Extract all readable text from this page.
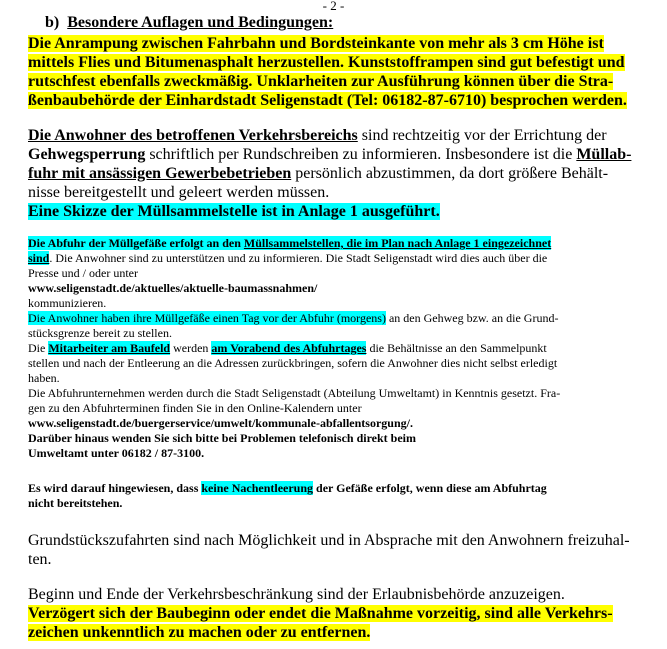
- 2 -
b) Besondere Auflagen und Bedingungen:
Die Anrampung zwischen Fahrbahn und Bordsteinkante von mehr als 3 cm Höhe ist
mittels Flies und Bitumenasphalt herzustellen. Kunststofframpen sind gut befestigt und
rutschfest ebenfalls zweckmäßig. Unklarheiten zur Ausführung können über die Stra-
ßenbaubehörde der Einhardstadt Seligenstadt (Tel: 06182-87-6710) besprochen werden.
Die Anwohner des betroffenen Verkehrsbereichs sind rechtzeitig vor der Errichtung der
Gehwegsperrung schriftlich per Rundschreiben zu informieren. Insbesondere ist die Müllab-
fuhr mit ansässigen Gewerbebetrieben persönlich abzustimmen, da dort größere Behält-
nisse bereitgestellt und geleert werden müssen.
Eine Skizze der Müllsammelstelle ist in Anlage 1 ausgeführt.
Die Abfuhr der Müllgefäße erfolgt an den Müllsammelstellen, die im Plan nach Anlage 1 eingezeichnet
sind. Die Anwohner sind zu unterstützen und zu informieren. Die Stadt Seligenstadt wird dies auch über die
Presse und / oder unter
www.seligenstadt.de/aktuelles/aktuelle-baumassnahmen/
kommunizieren.
Die Anwohner haben ihre Müllgefäße einen Tag vor der Abfuhr (morgens) an den Gehweg bzw. an die Grund-
stücksgrenze bereit zu stellen.
Die Mitarbeiter am Baufeld werden am Vorabend des Abfuhrtages die Behältnisse an den Sammelpunkt
stellen und nach der Entleerung an die Adressen zurückbringen, sofern die Anwohner dies nicht selbst erledigt
haben.
Die Abfuhrunternehmen werden durch die Stadt Seligenstadt (Abteilung Umweltamt) in Kenntnis gesetzt. Fra-
gen zu den Abfuhrterminen finden Sie in den Online-Kalendern unter
www.seligenstadt.de/buergerservice/umwelt/kommunale-abfallentsorgung/.
Darüber hinaus wenden Sie sich bitte bei Problemen telefonisch direkt beim
Umweltamt unter 06182 / 87-3100.
Es wird darauf hingewiesen, dass keine Nachentleerung der Gefäße erfolgt, wenn diese am Abfuhrtag
nicht bereitstehen.
Grundstückszufahrten sind nach Möglichkeit und in Absprache mit den Anwohnern freizuhal-
ten.
Beginn und Ende der Verkehrsbeschränkung sind der Erlaubnisbehörde anzuzeigen.
Verzögert sich der Baubeginn oder endet die Maßnahme vorzeitig, sind alle Verkehrs-
zeichen unkenntlich zu machen oder zu entfernen.
